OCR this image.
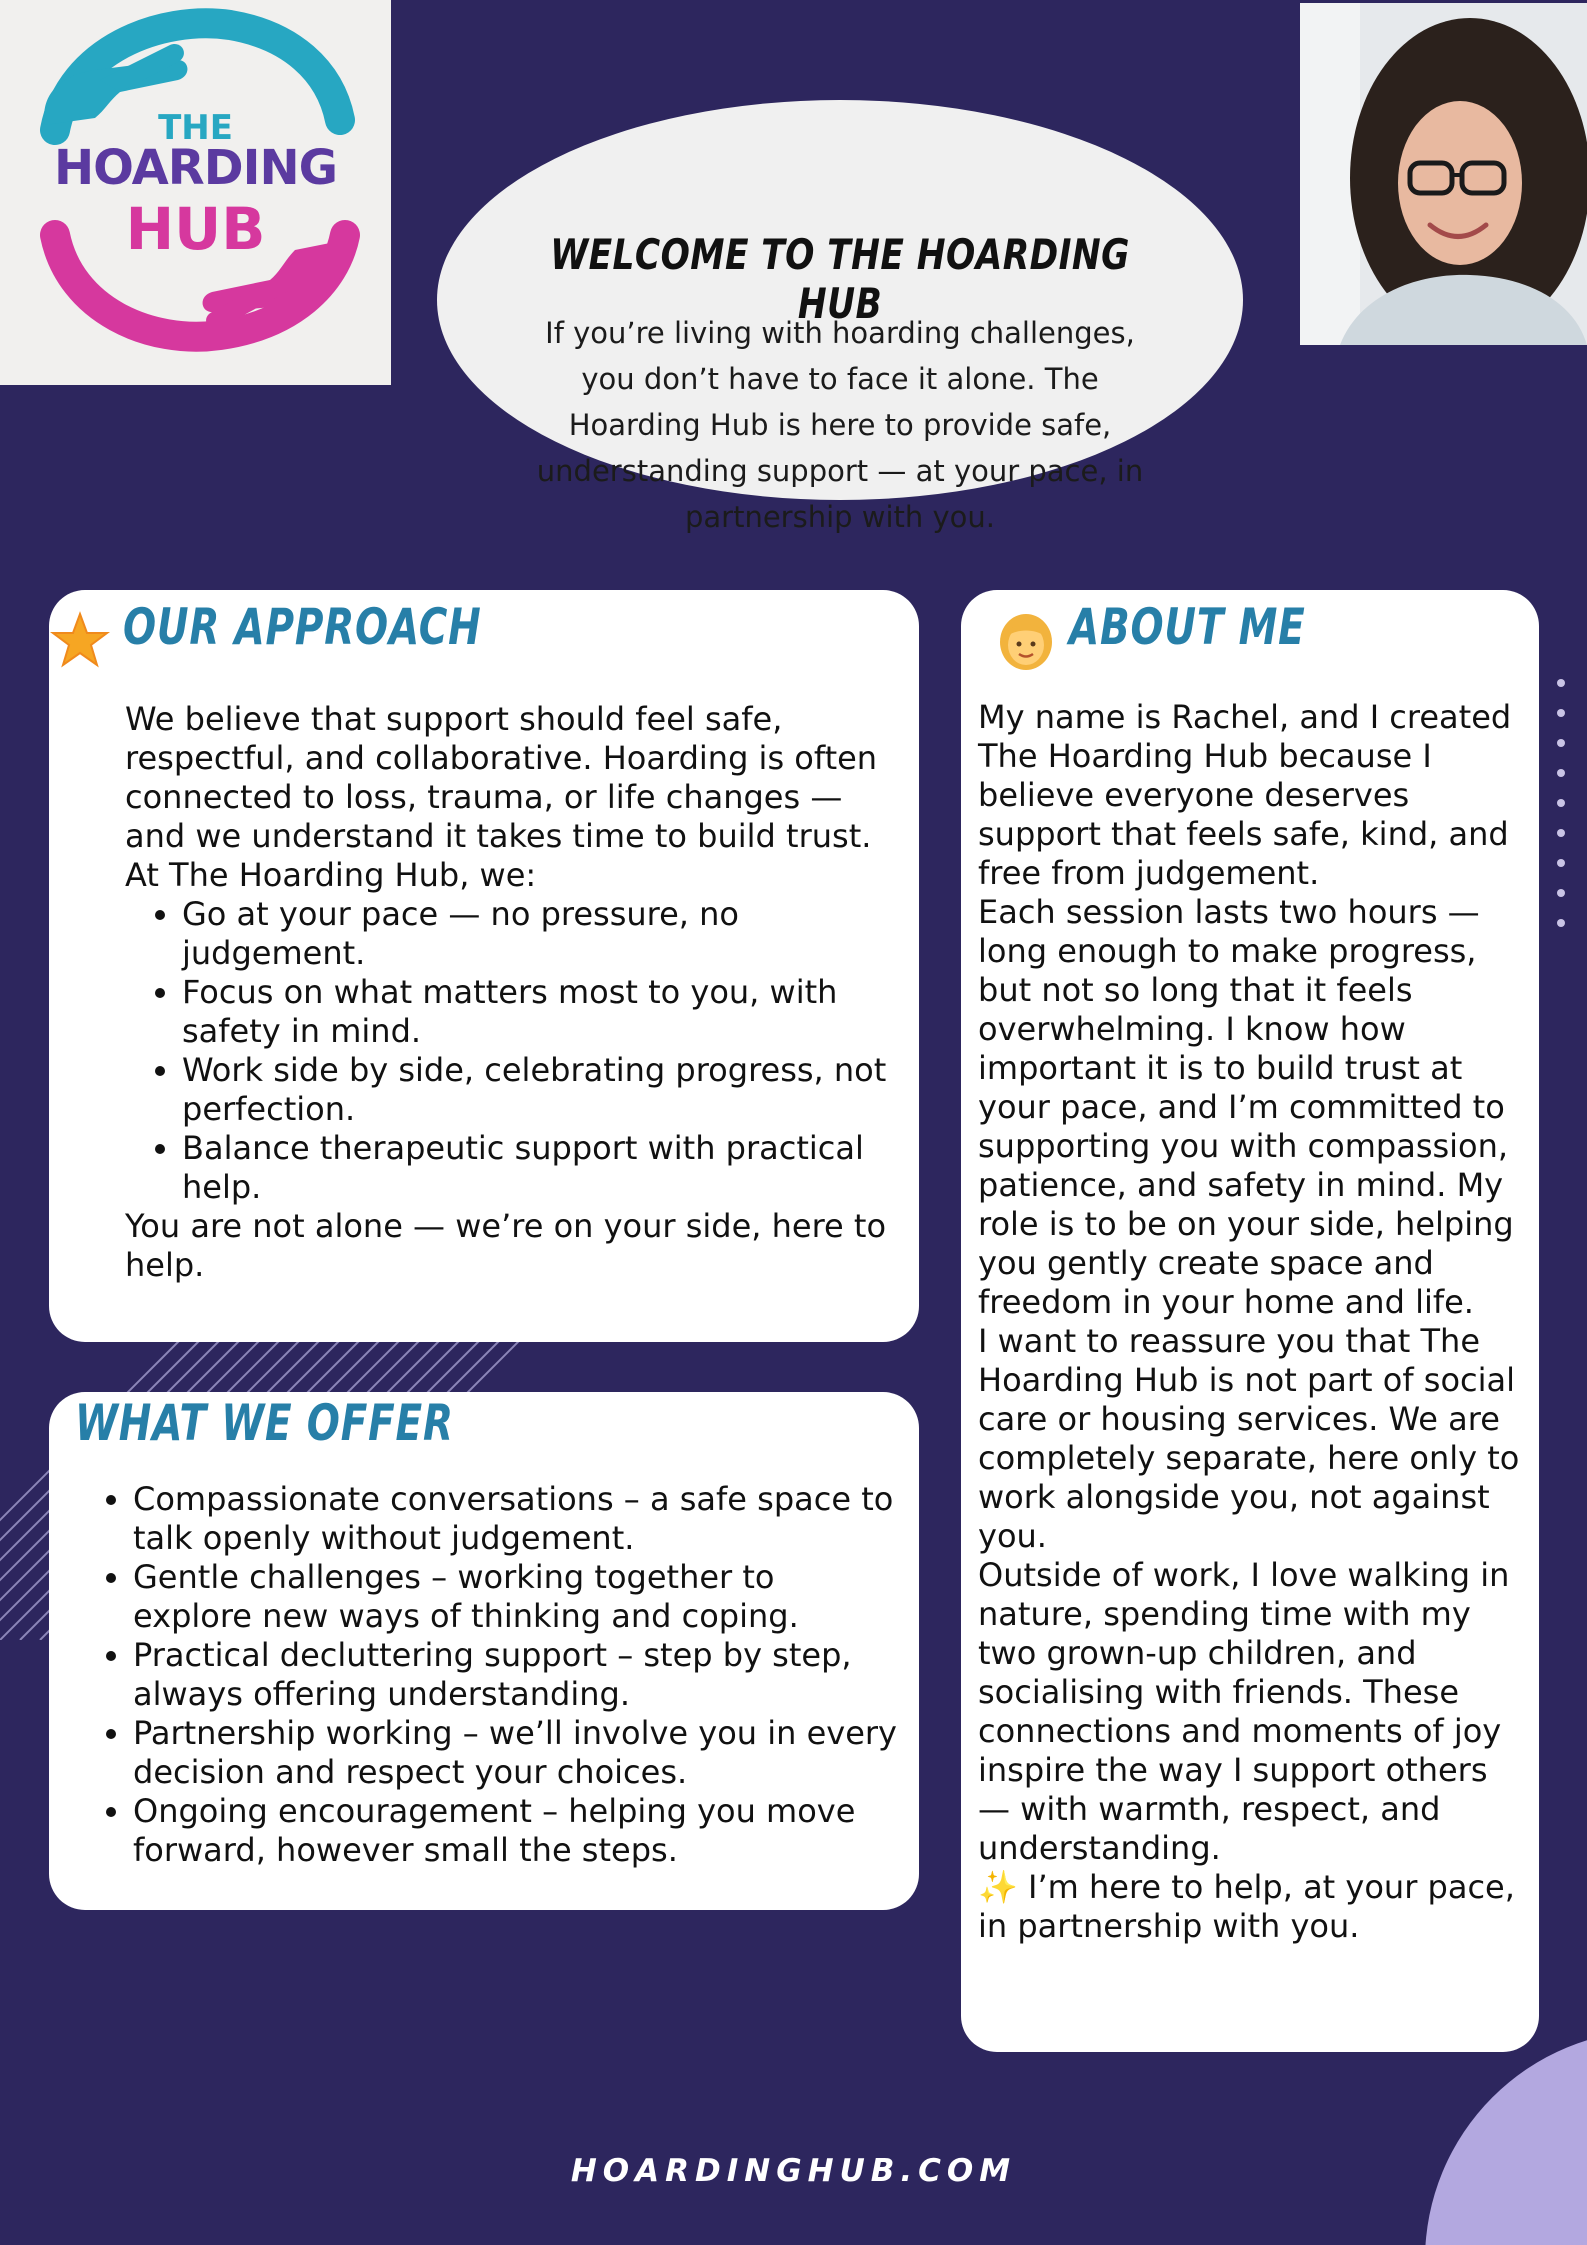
THE
HOARDING
HUB	WELCOME TO THE HOARDING HUB
If you’re living with hoarding challenges, you don’t have to face it alone. The Hoarding Hub is here to provide safe, understanding support — at your pace, in partnership with you.
OUR APPROACH

We believe that support should feel safe, respectful, and collaborative. Hoarding is often connected to loss, trauma, or life changes — and we understand it takes time to build trust.

At The Hoarding Hub, we:

• Go at your pace — no pressure, no judgement.
• Focus on what matters most to you, with safety in mind.
• Work side by side, celebrating progress, not perfection.
• Balance therapeutic support with practical help.

You are not alone — we’re on your side, here to help.

WHAT WE OFFER
• Compassionate conversations – a safe space to talk openly without judgement.
• Gentle challenges – working together to explore new ways of thinking and coping.
• Practical decluttering support – step by step, always offering understanding.
• Partnership working – we’ll involve you in every decision and respect your choices.
• Ongoing encouragement – helping you move forward, however small the steps.
ABOUT ME

My name is Rachel, and I created The Hoarding Hub because I believe everyone deserves support that feels safe, kind, and free from judgement.

Each session lasts two hours — long enough to make progress, but not so long that it feels overwhelming. I know how important it is to build trust at your pace, and I’m committed to supporting you with compassion, patience, and safety in mind. My role is to be on your side, helping you gently create space and freedom in your home and life.

I want to reassure you that The Hoarding Hub is not part of social care or housing services. We are completely separate, here only to work alongside you, not against you.

Outside of work, I love walking in nature, spending time with my two grown-up children, and socialising with friends. These connections and moments of joy inspire the way I support others — with warmth, respect, and understanding.

✨ I’m here to help, at your pace, in partnership with you.

HOARDINGHUB.COM
